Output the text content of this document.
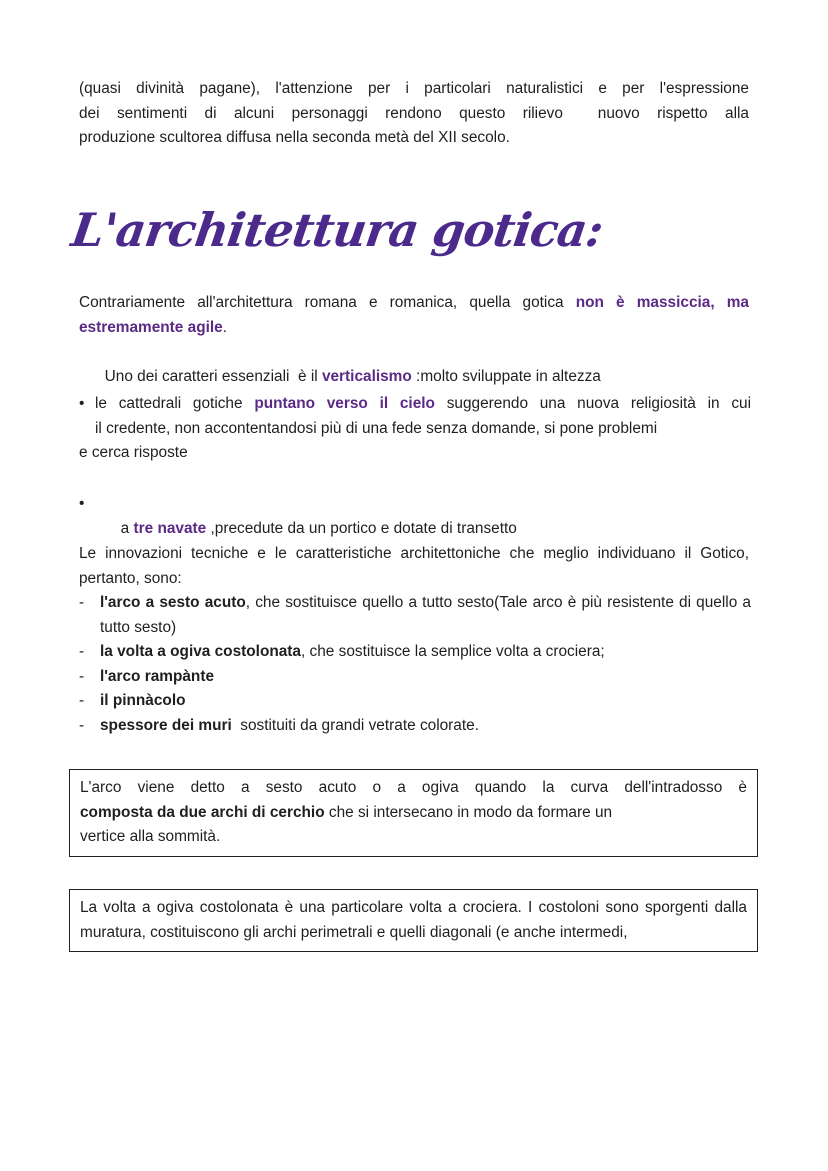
(quasi divinità pagane), l'attenzione per i particolari naturalistici e per l'espressione
dei sentimenti di alcuni personaggi rendono questo rilievo  nuovo rispetto alla
produzione scultorea diffusa nella seconda metà del XII secolo.
L'architettura gotica:
Contrariamente all'architettura romana e romanica, quella gotica non è massiccia, ma estremamente agile.

Uno dei caratteri essenziali  è il verticalismo :molto sviluppate in altezza

• le cattedrali gotiche puntano verso il cielo suggerendo una nuova religiosità in cui
il credente, non accontentandosi più di una fede senza domande, si pone problemi
e cerca risposte

•
a tre navate ,precedute da un portico e dotate di transetto

Le innovazioni tecniche e le caratteristiche architettoniche che meglio individuano il Gotico, pertanto, sono:
- l'arco a sesto acuto, che sostituisce quello a tutto sesto(Tale arco è più resistente di quello a tutto sesto)
- la volta a ogiva costolonata, che sostituisce la semplice volta a crociera;
- l'arco rampànte
- il pinnàcolo
- spessore dei muri  sostituiti da grandi vetrate colorate.
L'arco viene detto a sesto acuto o a ogiva quando la curva dell'intradosso è
composta da due archi di cerchio che si intersecano in modo da formare un
vertice alla sommità.
La volta a ogiva costolonata è una particolare volta a crociera. I costoloni sono sporgenti dalla muratura, costituiscono gli archi perimetrali e quelli diagonali (e anche intermedi,
